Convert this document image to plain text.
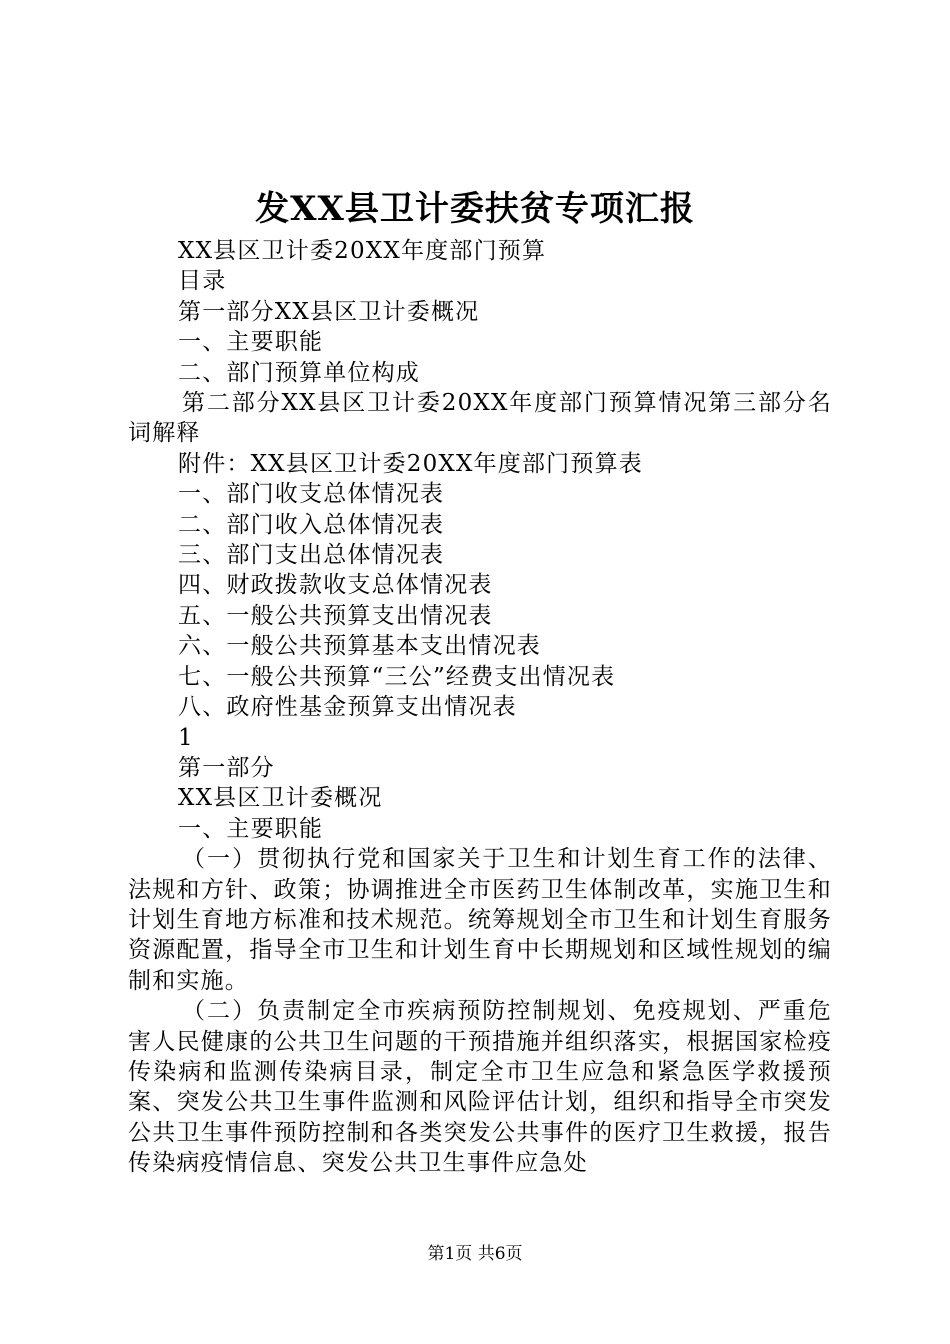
发XX县卫计委扶贫专项汇报
XX县区卫计委20XX年度部门预算
目录
第一部分XX县区卫计委概况
一、主要职能
二、部门预算单位构成
第二部分XX县区卫计委20XX年度部门预算情况第三部分名词解释
附件：XX县区卫计委20XX年度部门预算表
一、部门收支总体情况表
二、部门收入总体情况表
三、部门支出总体情况表
四、财政拨款收支总体情况表
五、一般公共预算支出情况表
六、一般公共预算基本支出情况表
七、一般公共预算“三公”经费支出情况表
八、政府性基金预算支出情况表
1
第一部分
XX县区卫计委概况
一、主要职能
（一）贯彻执行党和国家关于卫生和计划生育工作的法律、法规和方针、政策；协调推进全市医药卫生体制改革，实施卫生和计划生育地方标准和技术规范。统筹规划全市卫生和计划生育服务资源配置，指导全市卫生和计划生育中长期规划和区域性规划的编制和实施。
（二）负责制定全市疾病预防控制规划、免疫规划、严重危害人民健康的公共卫生问题的干预措施并组织落实，根据国家检疫传染病和监测传染病目录，制定全市卫生应急和紧急医学救援预案、突发公共卫生事件监测和风险评估计划，组织和指导全市突发公共卫生事件预防控制和各类突发公共事件的医疗卫生救援，报告传染病疫情信息、突发公共卫生事件应急处
第1页 共6页
